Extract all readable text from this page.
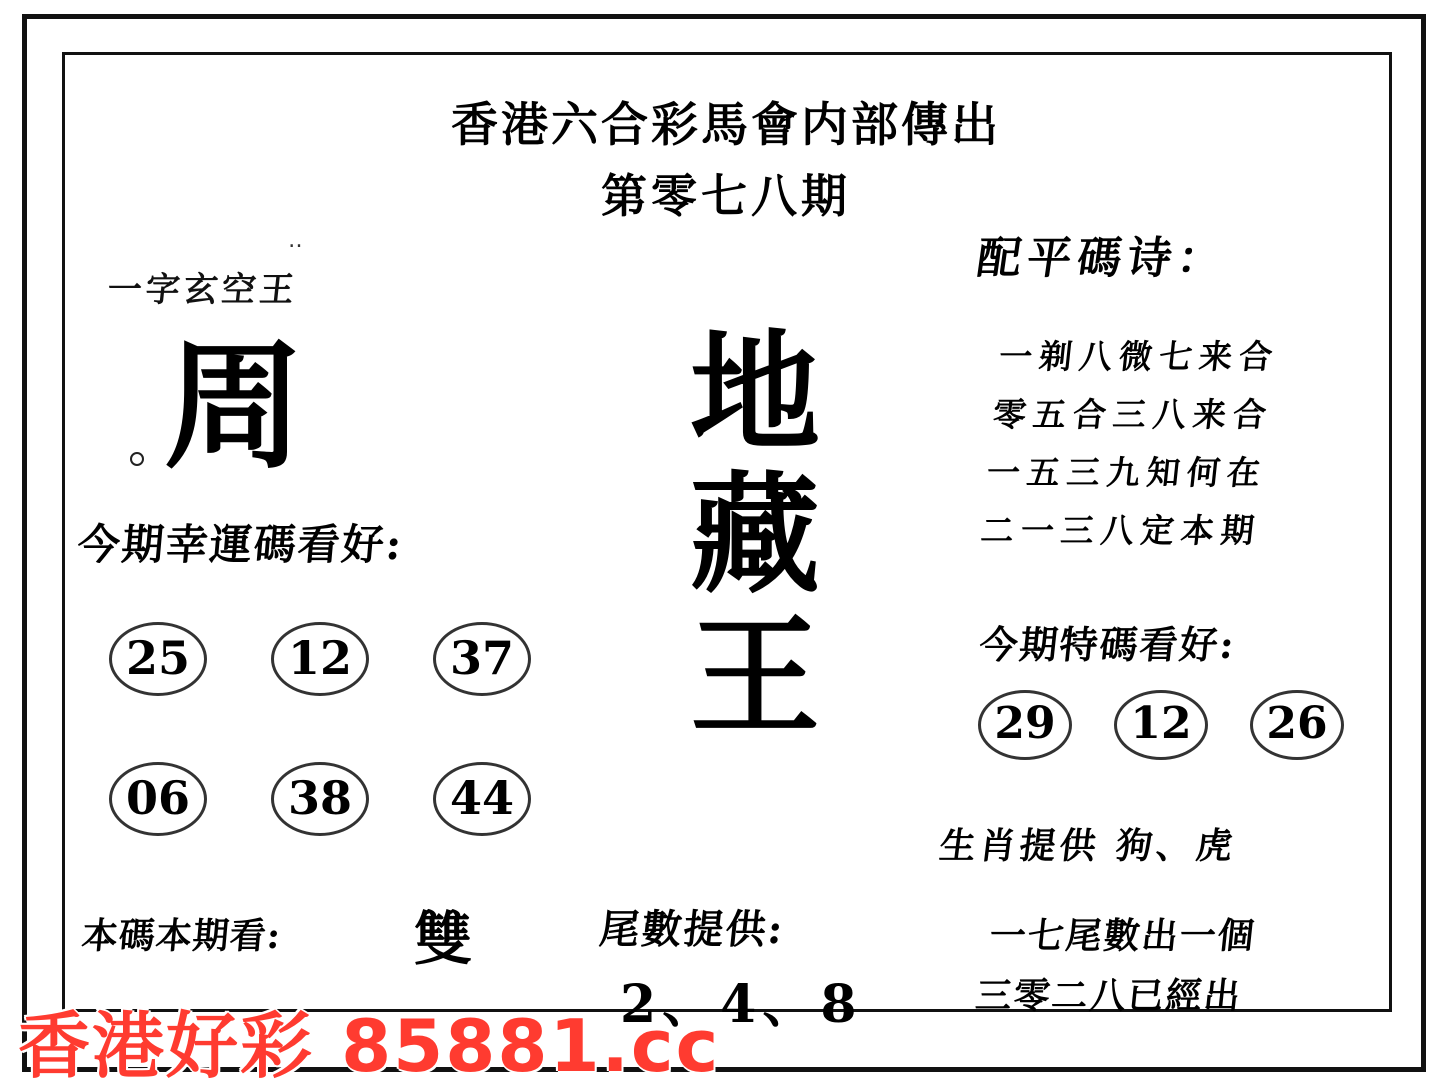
香港六合彩馬會内部傳出
第零七八期
‥
一字玄空王
周
今期幸運碼看好:
25	12	37
06	38	44
本碼本期看: 雙
地
藏
王
尾數提供:
2、4、8
配平碼诗：
一剃八微七来合
零五合三八来合
一五三九知何在
二一三八定本期
今期特碼看好:
29	12	26
生肖提供 狗、虎
一七尾數出一個
三零二八已經出
香港好彩 85881.cc
